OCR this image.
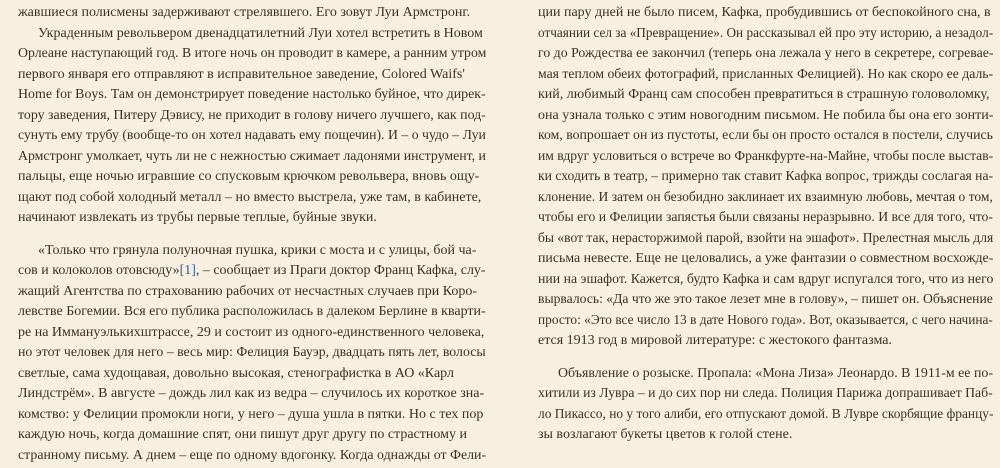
жавшиеся полисмены задерживают стрелявшего. Его зовут Луи Армстронг.
Украденным револьвером двенадцатилетний Луи хотел встретить в Новом
Орлеане наступающий год. В итоге ночь он проводит в камере, а ранним утром
первого января его отправляют в исправительное заведение, Colored Waifs'
Home for Boys. Там он демонстрирует поведение настолько буйное, что дирек-
тору заведения, Питеру Дэвису, не приходит в голову ничего лучшего, как под-
сунуть ему трубу (вообще-то он хотел надавать ему пощечин). И – о чудо – Луи
Армстронг умолкает, чуть ли не с нежностью сжимает ладонями инструмент, и
пальцы, еще ночью игравшие со спусковым крючком револьвера, вновь ощу-
щают под собой холодный металл – но вместо выстрела, уже там, в кабинете,
начинают извлекать из трубы первые теплые, буйные звуки.
«Только что грянула полуночная пушка, крики с моста и с улицы, бой ча-
сов и колоколов отовсюду»[1], – сообщает из Праги доктор Франц Кафка, слу-
жащий Агентства по страхованию рабочих от несчастных случаев при Коро-
левстве Богемии. Вся его публика расположилась в далеком Берлине в кварти-
ре на Иммануэлькихштрассе, 29 и состоит из одного-единственного человека,
но этот человек для него – весь мир: Фелиция Бауэр, двадцать пять лет, волосы
светлые, сама худощавая, довольно высокая, стенографистка в АО «Карл
Линдстрём». В августе – дождь лил как из ведра – случилось их короткое зна-
комство: у Фелиции промокли ноги, у него – душа ушла в пятки. Но с тех пор
каждую ночь, когда домашние спят, они пишут друг другу по страстному и
странному письму. А днем – еще по одному вдогонку. Когда однажды от Фели-
ции пару дней не было писем, Кафка, пробудившись от беспокойного сна, в
отчаянии сел за «Превращение». Он рассказывал ей про эту историю, а незадол-
го до Рождества ее закончил (теперь она лежала у него в секретере, согревае-
мая теплом обеих фотографий, присланных Фелицией). Но как скоро ее даль-
кий, любимый Франц сам способен превратиться в страшную головоломку,
она узнала только с этим новогодним письмом. Не побила бы она его зонти-
ком, вопрошает он из пустоты, если бы он просто остался в постели, случись
им вдруг условиться о встрече во Франкфурте-на-Майне, чтобы после выстав-
ки сходить в театр, – примерно так ставит Кафка вопрос, трижды сослагая на-
клонение. И затем он безобидно заклинает их взаимную любовь, мечтая о том,
чтобы его и Фелиции запястья были связаны неразрывно. И все для того, что-
бы «вот так, нерасторжимой парой, взойти на эшафот». Прелестная мысль для
письма невесте. Еще не целовались, а уже фантазии о совместном восхожде-
нии на эшафот. Кажется, будто Кафка и сам вдруг испугался того, что из него
вырвалось: «Да что же это такое лезет мне в голову», – пишет он. Объяснение
просто: «Это все число 13 в дате Нового года». Вот, оказывается, с чего начина-
ется 1913 год в мировой литературе: с жестокого фантазма.
Объявление о розыске. Пропала: «Мона Лиза» Леонардо. В 1911-м ее по-
хитили из Лувра – и до сих пор ни следа. Полиция Парижа допрашивает Паб-
ло Пикассо, но у того алиби, его отпускают домой. В Лувре скорбящие францу-
зы возлагают букеты цветов к голой стене.
